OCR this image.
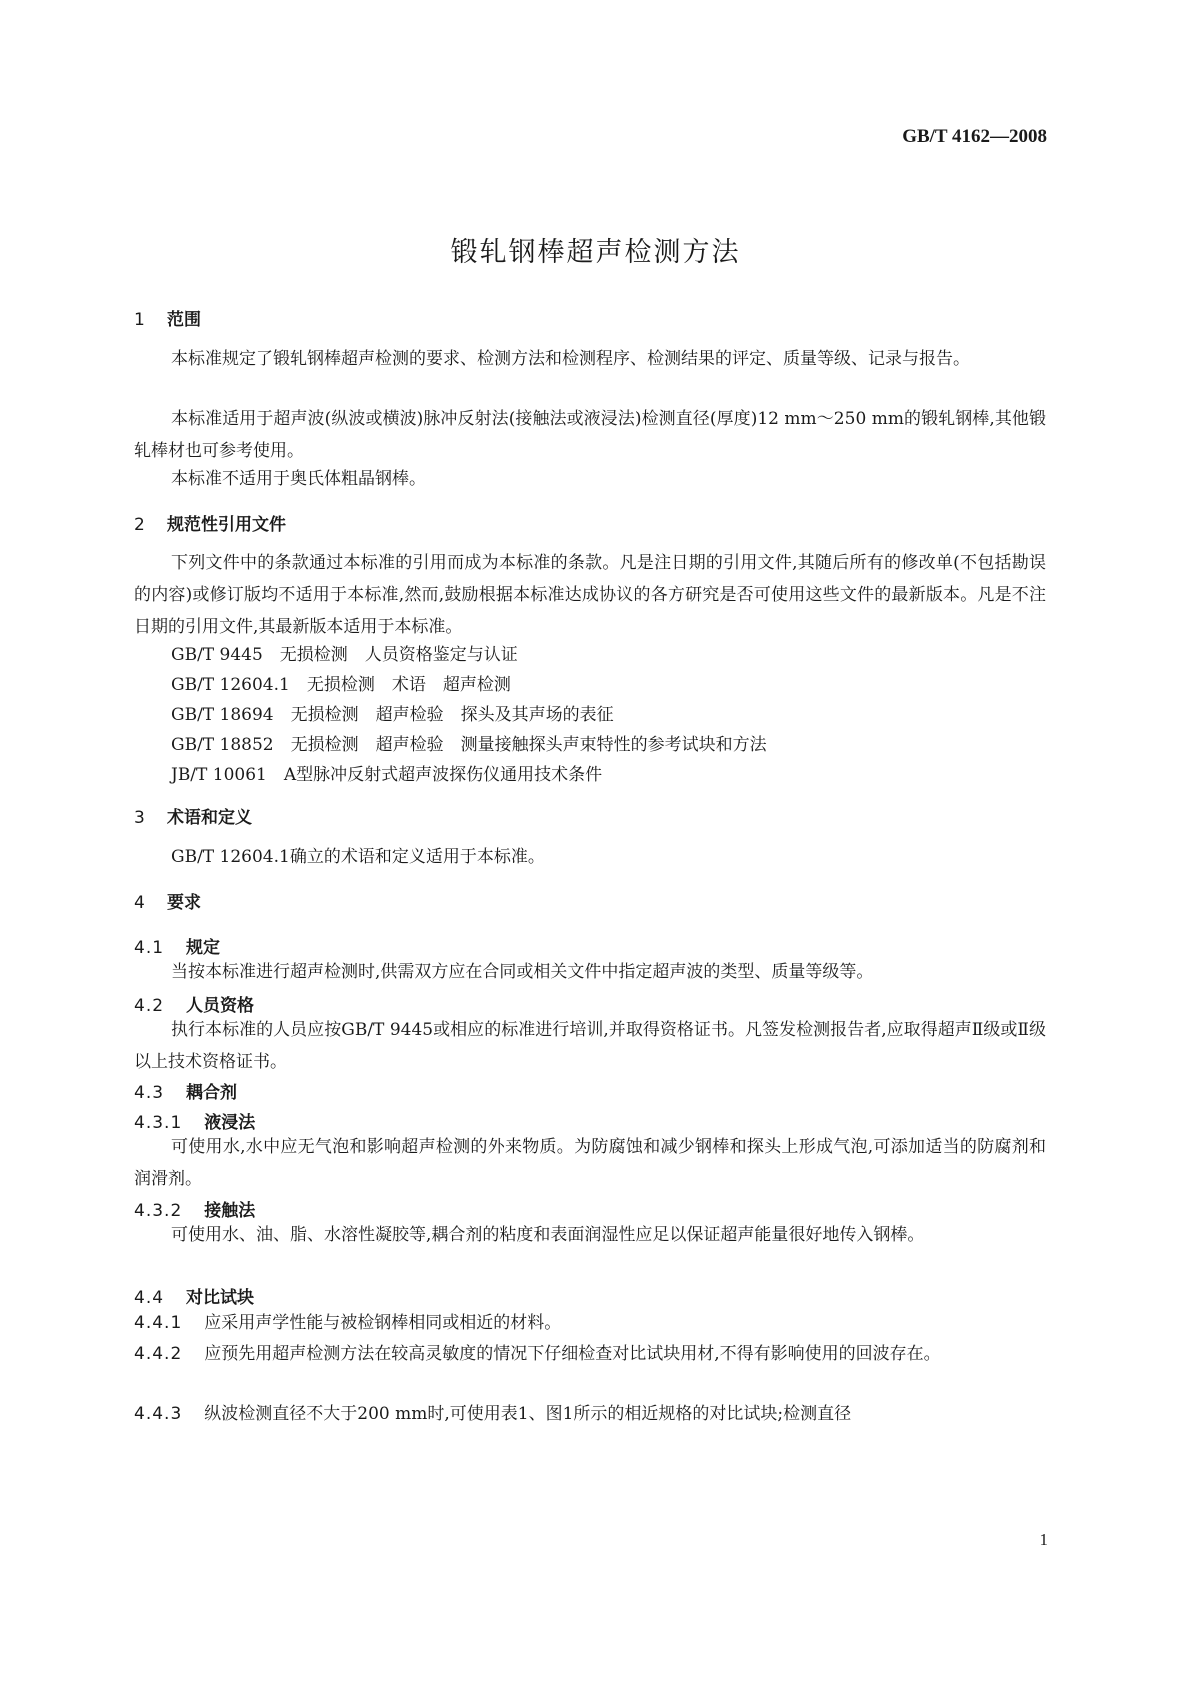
GB/T 4162—2008
锻轧钢棒超声检测方法
1 范围
本标准规定了锻轧钢棒超声检测的要求、检测方法和检测程序、检测结果的评定、质量等级、记录与报告。
本标准适用于超声波(纵波或横波)脉冲反射法(接触法或液浸法)检测直径(厚度)12 mm～250 mm的锻轧钢棒,其他锻轧棒材也可参考使用。
本标准不适用于奥氏体粗晶钢棒。
2 规范性引用文件
下列文件中的条款通过本标准的引用而成为本标准的条款。凡是注日期的引用文件,其随后所有的修改单(不包括勘误的内容)或修订版均不适用于本标准,然而,鼓励根据本标准达成协议的各方研究是否可使用这些文件的最新版本。凡是不注日期的引用文件,其最新版本适用于本标准。
GB/T 9445　无损检测　人员资格鉴定与认证
GB/T 12604.1　无损检测　术语　超声检测
GB/T 18694　无损检测　超声检验　探头及其声场的表征
GB/T 18852　无损检测　超声检验　测量接触探头声束特性的参考试块和方法
JB/T 10061　A型脉冲反射式超声波探伤仪通用技术条件
3 术语和定义
GB/T 12604.1确立的术语和定义适用于本标准。
4 要求
4.1 规定
当按本标准进行超声检测时,供需双方应在合同或相关文件中指定超声波的类型、质量等级等。
4.2 人员资格
执行本标准的人员应按GB/T 9445或相应的标准进行培训,并取得资格证书。凡签发检测报告者,应取得超声Ⅱ级或Ⅱ级以上技术资格证书。
4.3 耦合剂
4.3.1 液浸法
可使用水,水中应无气泡和影响超声检测的外来物质。为防腐蚀和减少钢棒和探头上形成气泡,可添加适当的防腐剂和润滑剂。
4.3.2 接触法
可使用水、油、脂、水溶性凝胶等,耦合剂的粘度和表面润湿性应足以保证超声能量很好地传入钢棒。
4.4 对比试块
4.4.1 应采用声学性能与被检钢棒相同或相近的材料。
4.4.2 应预先用超声检测方法在较高灵敏度的情况下仔细检查对比试块用材,不得有影响使用的回波存在。
4.4.3 纵波检测直径不大于200 mm时,可使用表1、图1所示的相近规格的对比试块;检测直径
1
